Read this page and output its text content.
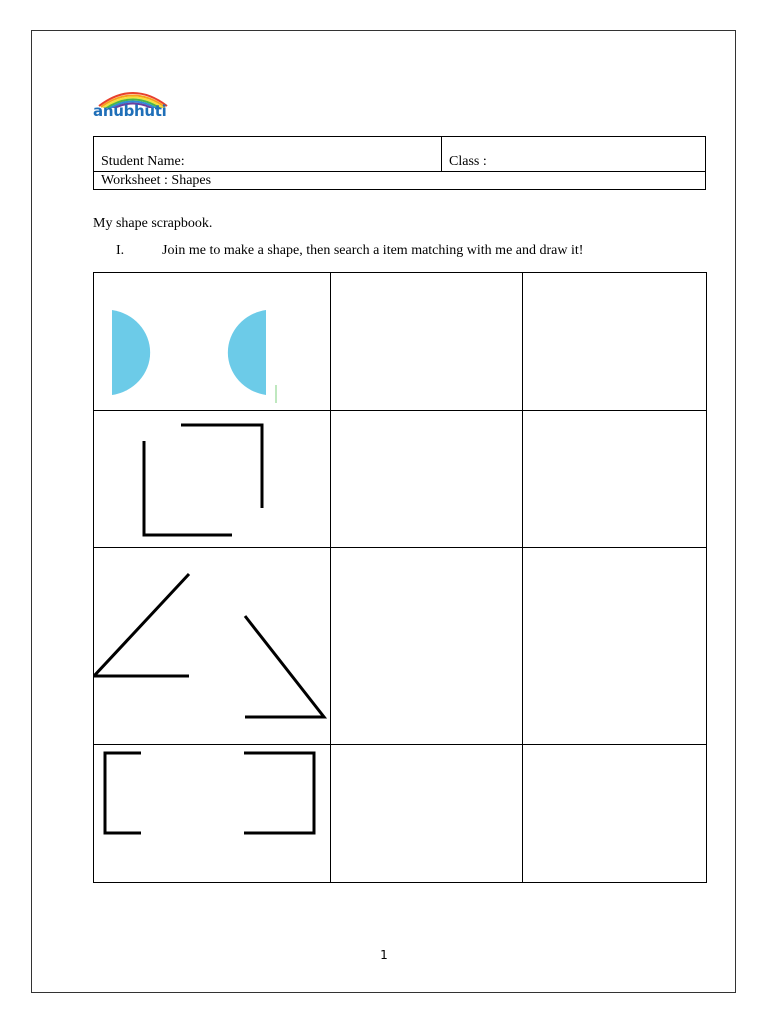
anubhuti
Student Name:	Class :
Worksheet : Shapes
My shape scrapbook.
I.	Join me to make a shape, then search a item matching with me and draw it!

1
